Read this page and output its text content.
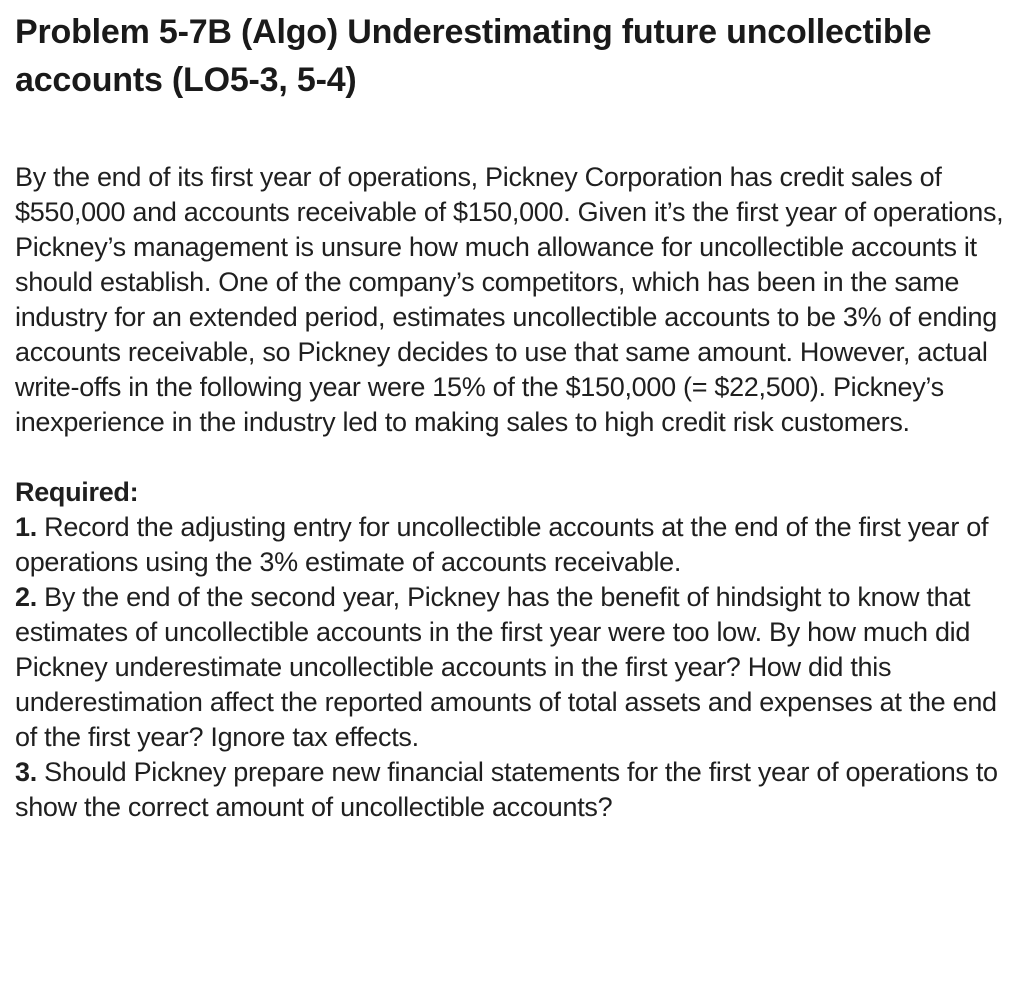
Problem 5-7B (Algo) Underestimating future uncollectible accounts (LO5-3, 5-4)

By the end of its first year of operations, Pickney Corporation has credit sales of $550,000 and accounts receivable of $150,000. Given it’s the first year of operations, Pickney’s management is unsure how much allowance for uncollectible accounts it should establish. One of the company’s competitors, which has been in the same industry for an extended period, estimates uncollectible accounts to be 3% of ending accounts receivable, so Pickney decides to use that same amount. However, actual write-offs in the following year were 15% of the $150,000 (= $22,500). Pickney’s inexperience in the industry led to making sales to high credit risk customers.

Required:

1. Record the adjusting entry for uncollectible accounts at the end of the first year of operations using the 3% estimate of accounts receivable.

2. By the end of the second year, Pickney has the benefit of hindsight to know that estimates of uncollectible accounts in the first year were too low. By how much did Pickney underestimate uncollectible accounts in the first year? How did this underestimation affect the reported amounts of total assets and expenses at the end of the first year? Ignore tax effects.

3. Should Pickney prepare new financial statements for the first year of operations to show the correct amount of uncollectible accounts?
